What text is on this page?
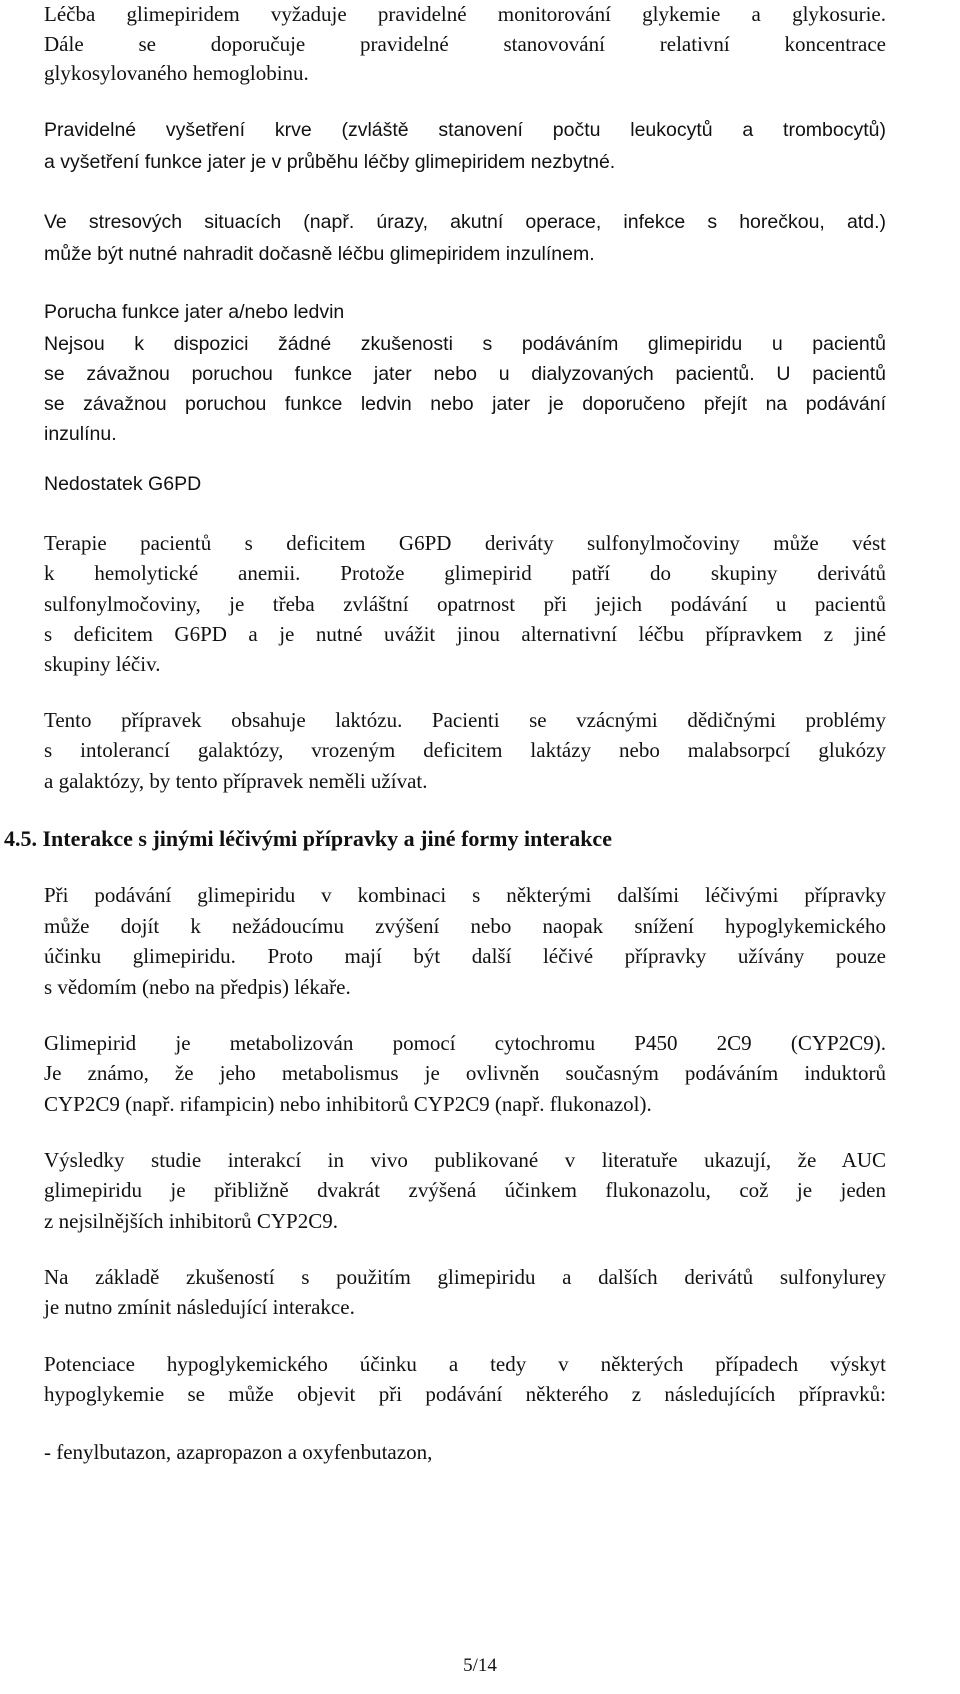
Léčba glimepiridem vyžaduje pravidelné monitorování glykemie a glykosurie.
Dále se doporučuje pravidelné stanovování relativní koncentrace
glykosylovaného hemoglobinu.
Pravidelné vyšetření krve (zvláště stanovení počtu leukocytů a trombocytů)
a vyšetření funkce jater je v průběhu léčby glimepiridem nezbytné.
Ve stresových situacích (např. úrazy, akutní operace, infekce s horečkou, atd.)
může být nutné nahradit dočasně léčbu glimepiridem inzulínem.
Porucha funkce jater a/nebo ledvin
Nejsou k dispozici žádné zkušenosti s podáváním glimepiridu u pacientů
se závažnou poruchou funkce jater nebo u dialyzovaných pacientů. U pacientů
se závažnou poruchou funkce ledvin nebo jater je doporučeno přejít na podávání
inzulínu.
Nedostatek G6PD
Terapie pacientů s deficitem G6PD deriváty sulfonylmočoviny může vést
k hemolytické anemii. Protože glimepirid patří do skupiny derivátů
sulfonylmočoviny, je třeba zvláštní opatrnost při jejich podávání u pacientů
s deficitem G6PD a je nutné uvážit jinou alternativní léčbu přípravkem z jiné
skupiny léčiv.
Tento přípravek obsahuje laktózu. Pacienti se vzácnými dědičnými problémy
s intolerancí galaktózy, vrozeným deficitem laktázy nebo malabsorpcí glukózy
a galaktózy, by tento přípravek neměli užívat.
4.5. Interakce s jinými léčivými přípravky a jiné formy interakce
Při podávání glimepiridu v kombinaci s některými dalšími léčivými přípravky
může dojít k nežádoucímu zvýšení nebo naopak snížení hypoglykemického
účinku glimepiridu. Proto mají být další léčivé přípravky užívány pouze
s vědomím (nebo na předpis) lékaře.
Glimepirid je metabolizován pomocí cytochromu P450 2C9 (CYP2C9).
Je známo, že jeho metabolismus je ovlivněn současným podáváním induktorů
CYP2C9 (např. rifampicin) nebo inhibitorů CYP2C9 (např. flukonazol).
Výsledky studie interakcí in vivo publikované v literatuře ukazují, že AUC
glimepiridu je přibližně dvakrát zvýšená účinkem flukonazolu, což je jeden
z nejsilnějších inhibitorů CYP2C9.
Na základě zkušeností s použitím glimepiridu a dalších derivátů sulfonylurey
je nutno zmínit následující interakce.
Potenciace hypoglykemického účinku a tedy v některých případech výskyt
hypoglykemie se může objevit při podávání některého z následujících přípravků:
- fenylbutazon, azapropazon a oxyfenbutazon,
5/14
